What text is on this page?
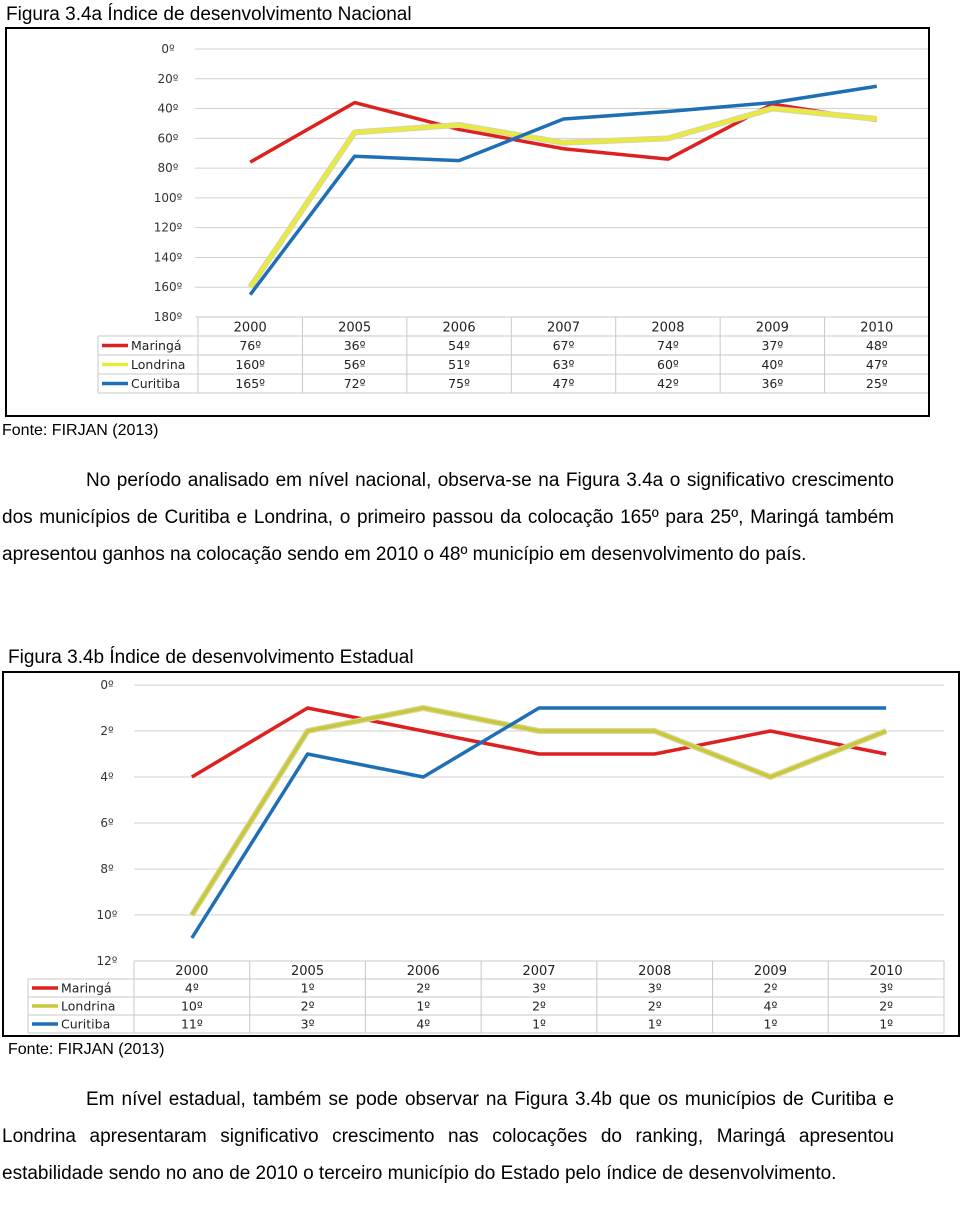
Figura 3.4a Índice de desenvolvimento Nacional
0º
20º
40º
60º
80º
100º
120º
140º
160º
180º
2000	2005	2006	2007	2008	2009	2010
Maringá	76º	36º	54º	67º	74º	37º	48º
Londrina	160º	56º	51º	63º	60º	40º	47º
Curitiba	165º	72º	75º	47º	42º	36º	25º
Fonte: FIRJAN (2013)

No período analisado em nível nacional, observa-se na Figura 3.4a o significativo crescimento dos municípios de Curitiba e Londrina, o primeiro passou da colocação 165º para 25º, Maringá também apresentou ganhos na colocação sendo em 2010 o 48º município em desenvolvimento do país.

Figura 3.4b Índice de desenvolvimento Estadual
0º
2º
4º
6º
8º
10º
12º
2000	2005	2006	2007	2008	2009	2010
Maringá	4º	1º	2º	3º	3º	2º	3º
Londrina	10º	2º	1º	2º	2º	4º	2º
Curitiba	11º	3º	4º	1º	1º	1º	1º
Fonte: FIRJAN (2013)

Em nível estadual, também se pode observar na Figura 3.4b que os municípios de Curitiba e Londrina apresentaram significativo crescimento nas colocações do ranking, Maringá apresentou estabilidade sendo no ano de 2010 o terceiro município do Estado pelo índice de desenvolvimento.
